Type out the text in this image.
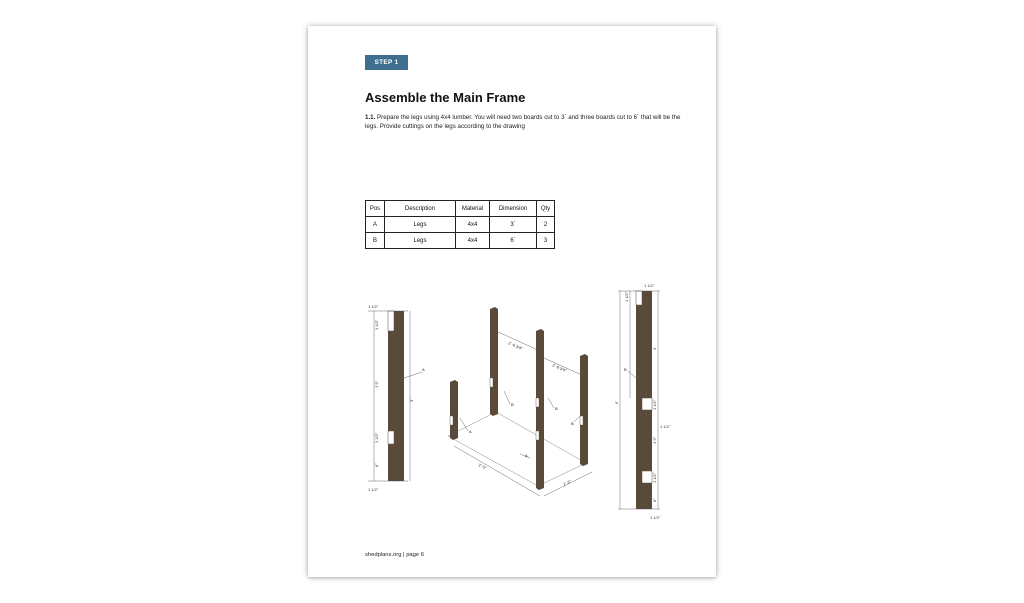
STEP 1
Assemble the Main Frame
1.1. Prepare the legs using 4x4 lumber. You will need two boards cut to 3´ and three boards cut to 6´ that will be the legs. Provide cuttings on the legs according to the drawing
Pos	Description	Material	Dimension	Qty
A	Legs	4x4	3´	2
B	Legs	4x4	6´	3
1 1/2"
1 1/2"
1´9"
3´
1 1/2"
8"
1 1/2"
A
2´-8 3/4"
2´-8 3/4"
3´-5"
2´-5"
B
B
B
A
A
1 1/2"
1 1/2"
3´
6´	1 1/2"
1 1/2"
1´9"
1 1/2"
8"
1 1/2"
B
shedplans.org | page 6
